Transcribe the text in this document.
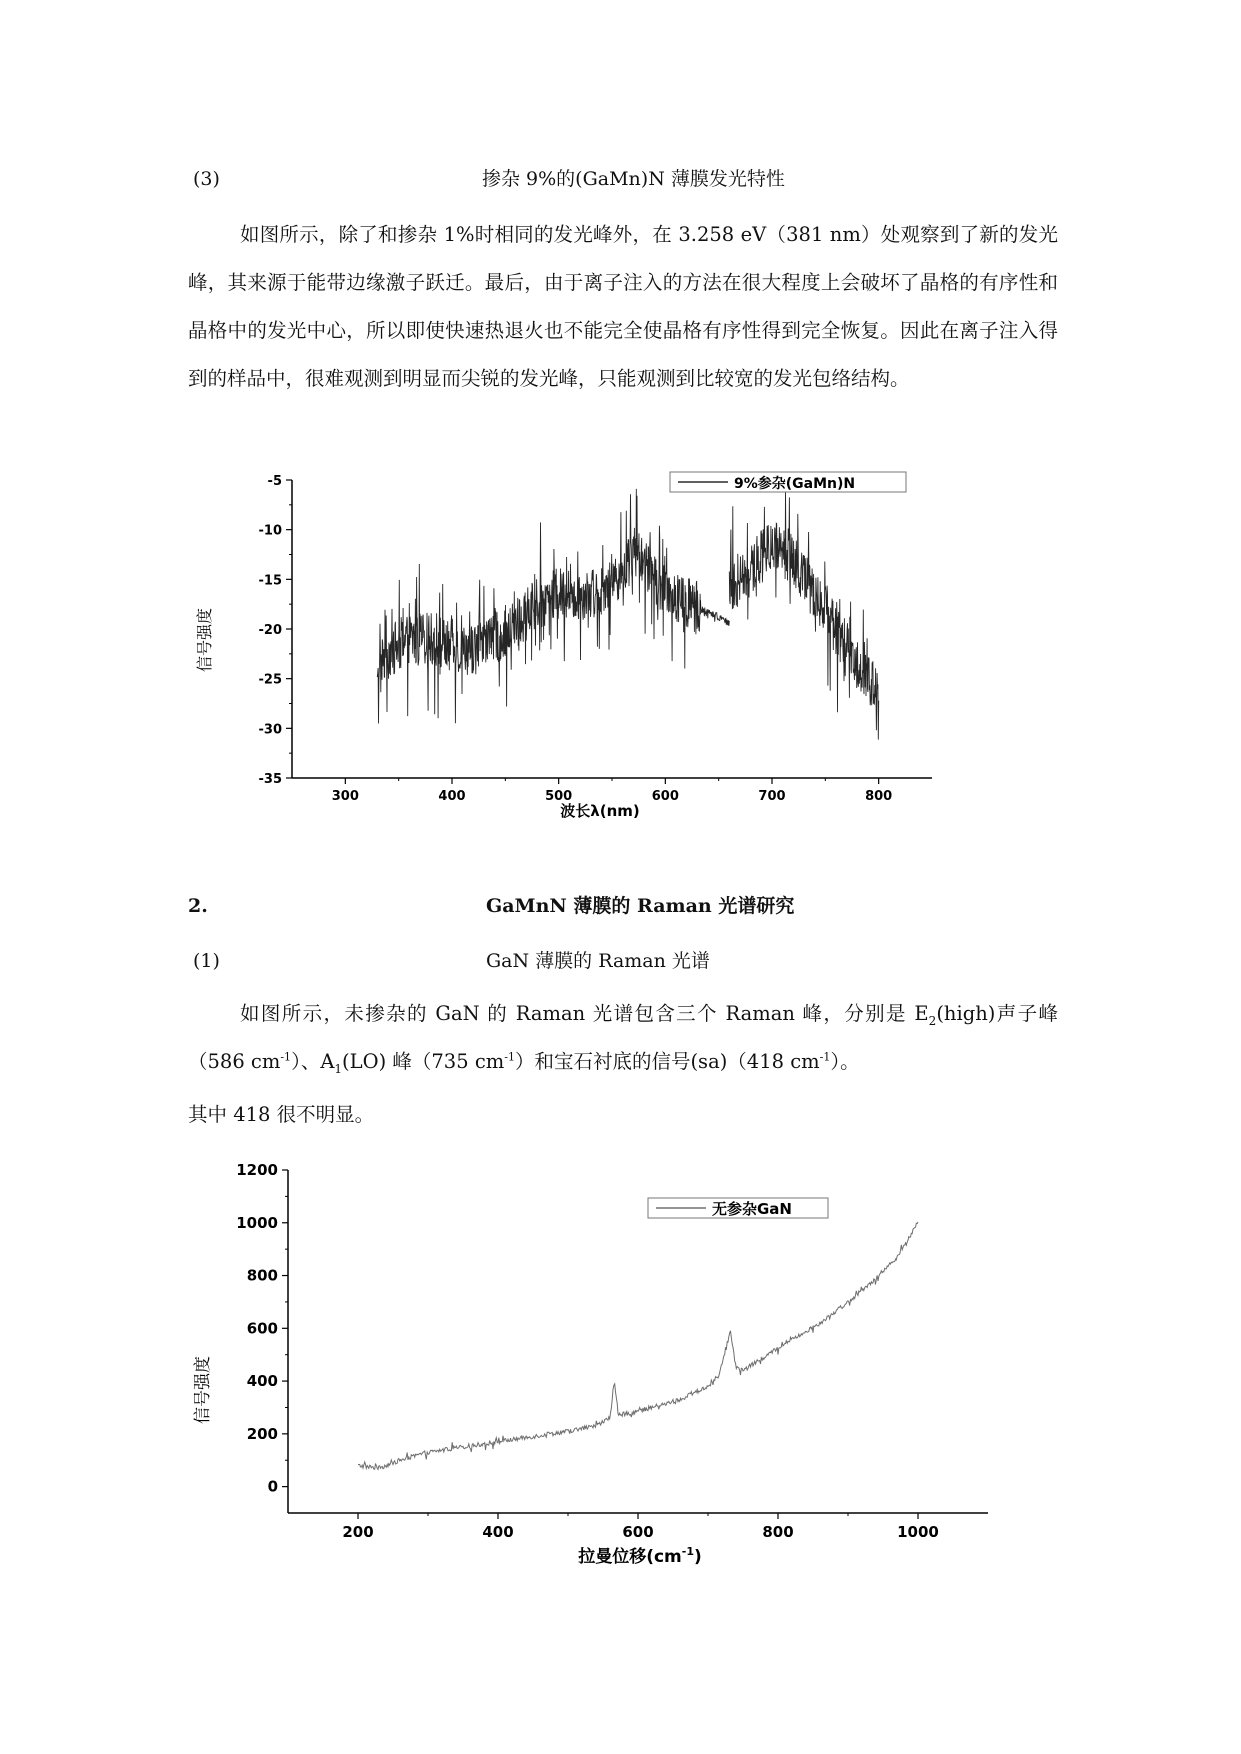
(3)	掺杂 9%的(GaMn)N 薄膜发光特性

如图所示，除了和掺杂 1%时相同的发光峰外，在 3.258 eV（381 nm）处观察到了新的发光峰，其来源于能带边缘激子跃迁。最后，由于离子注入的方法在很大程度上会破坏了晶格的有序性和晶格中的发光中心，所以即使快速热退火也不能完全使晶格有序性得到完全恢复。因此在离子注入得到的样品中，很难观测到明显而尖锐的发光峰，只能观测到比较宽的发光包络结构。

300	400	500	600	700	800
-5
-10
-15
-20
-25
-30
-35
9%参杂(GaMn)N
波长λ(nm)
信号强度
2.	GaMnN 薄膜的 Raman 光谱研究
(1)	GaN 薄膜的 Raman 光谱

如图所示，未掺杂的 GaN 的 Raman 光谱包含三个 Raman 峰，分别是 $E_2(high)$声子峰（586 $cm^{-1}$）、$A_1(LO)$ 峰（735 $cm^{-1}$）和宝石衬底的信号(sa)（418 $cm^{-1}$）。

其中 418 很不明显。
200	400	600	800	1000
0
200
400
600
800
1000
1200
无参杂GaN
拉曼位移$(cm^{-1})$
信号强度
